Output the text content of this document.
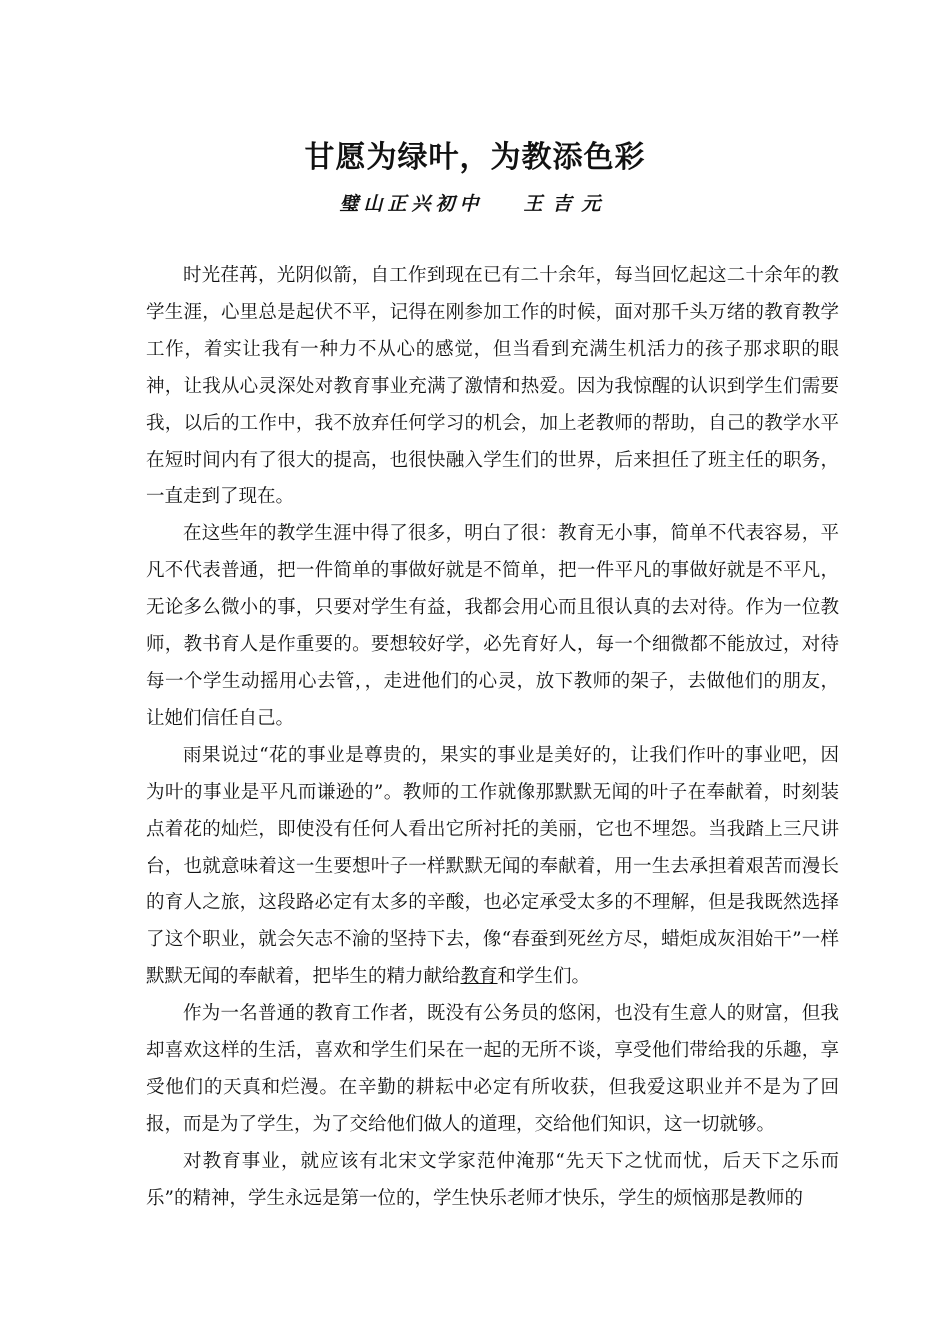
甘愿为绿叶，为教添色彩
璧山正兴初中 王吉元

时光荏苒，光阴似箭，自工作到现在已有二十余年，每当回忆起这二十余年的教学生涯，心里总是起伏不平，记得在刚参加工作的时候，面对那千头万绪的教育教学工作，着实让我有一种力不从心的感觉，但当看到充满生机活力的孩子那求职的眼神，让我从心灵深处对教育事业充满了激情和热爱。因为我惊醒的认识到学生们需要我，以后的工作中，我不放弃任何学习的机会，加上老教师的帮助，自己的教学水平在短时间内有了很大的提高，也很快融入学生们的世界，后来担任了班主任的职务，一直走到了现在。

在这些年的教学生涯中得了很多，明白了很：教育无小事，简单不代表容易，平凡不代表普通，把一件简单的事做好就是不简单，把一件平凡的事做好就是不平凡，无论多么微小的事，只要对学生有益，我都会用心而且很认真的去对待。作为一位教师，教书育人是作重要的。要想较好学，必先育好人，每一个细微都不能放过，对待每一个学生动摇用心去管，，走进他们的心灵，放下教师的架子，去做他们的朋友，让她们信任自己。

雨果说过“花的事业是尊贵的，果实的事业是美好的，让我们作叶的事业吧，因为叶的事业是平凡而谦逊的”。教师的工作就像那默默无闻的叶子在奉献着，时刻装点着花的灿烂，即使没有任何人看出它所衬托的美丽，它也不埋怨。当我踏上三尺讲台，也就意味着这一生要想叶子一样默默无闻的奉献着，用一生去承担着艰苦而漫长的育人之旅，这段路必定有太多的辛酸，也必定承受太多的不理解，但是我既然选择了这个职业，就会矢志不渝的坚持下去，像“春蚕到死丝方尽，蜡炬成灰泪始干”一样默默无闻的奉献着，把毕生的精力献给教育和学生们。

作为一名普通的教育工作者，既没有公务员的悠闲，也没有生意人的财富，但我却喜欢这样的生活，喜欢和学生们呆在一起的无所不谈，享受他们带给我的乐趣，享受他们的天真和烂漫。在辛勤的耕耘中必定有所收获，但我爱这职业并不是为了回报，而是为了学生，为了交给他们做人的道理，交给他们知识，这一切就够。

对教育事业，就应该有北宋文学家范仲淹那“先天下之忧而忧，后天下之乐而乐”的精神，学生永远是第一位的，学生快乐老师才快乐，学生的烦恼那是教师的
